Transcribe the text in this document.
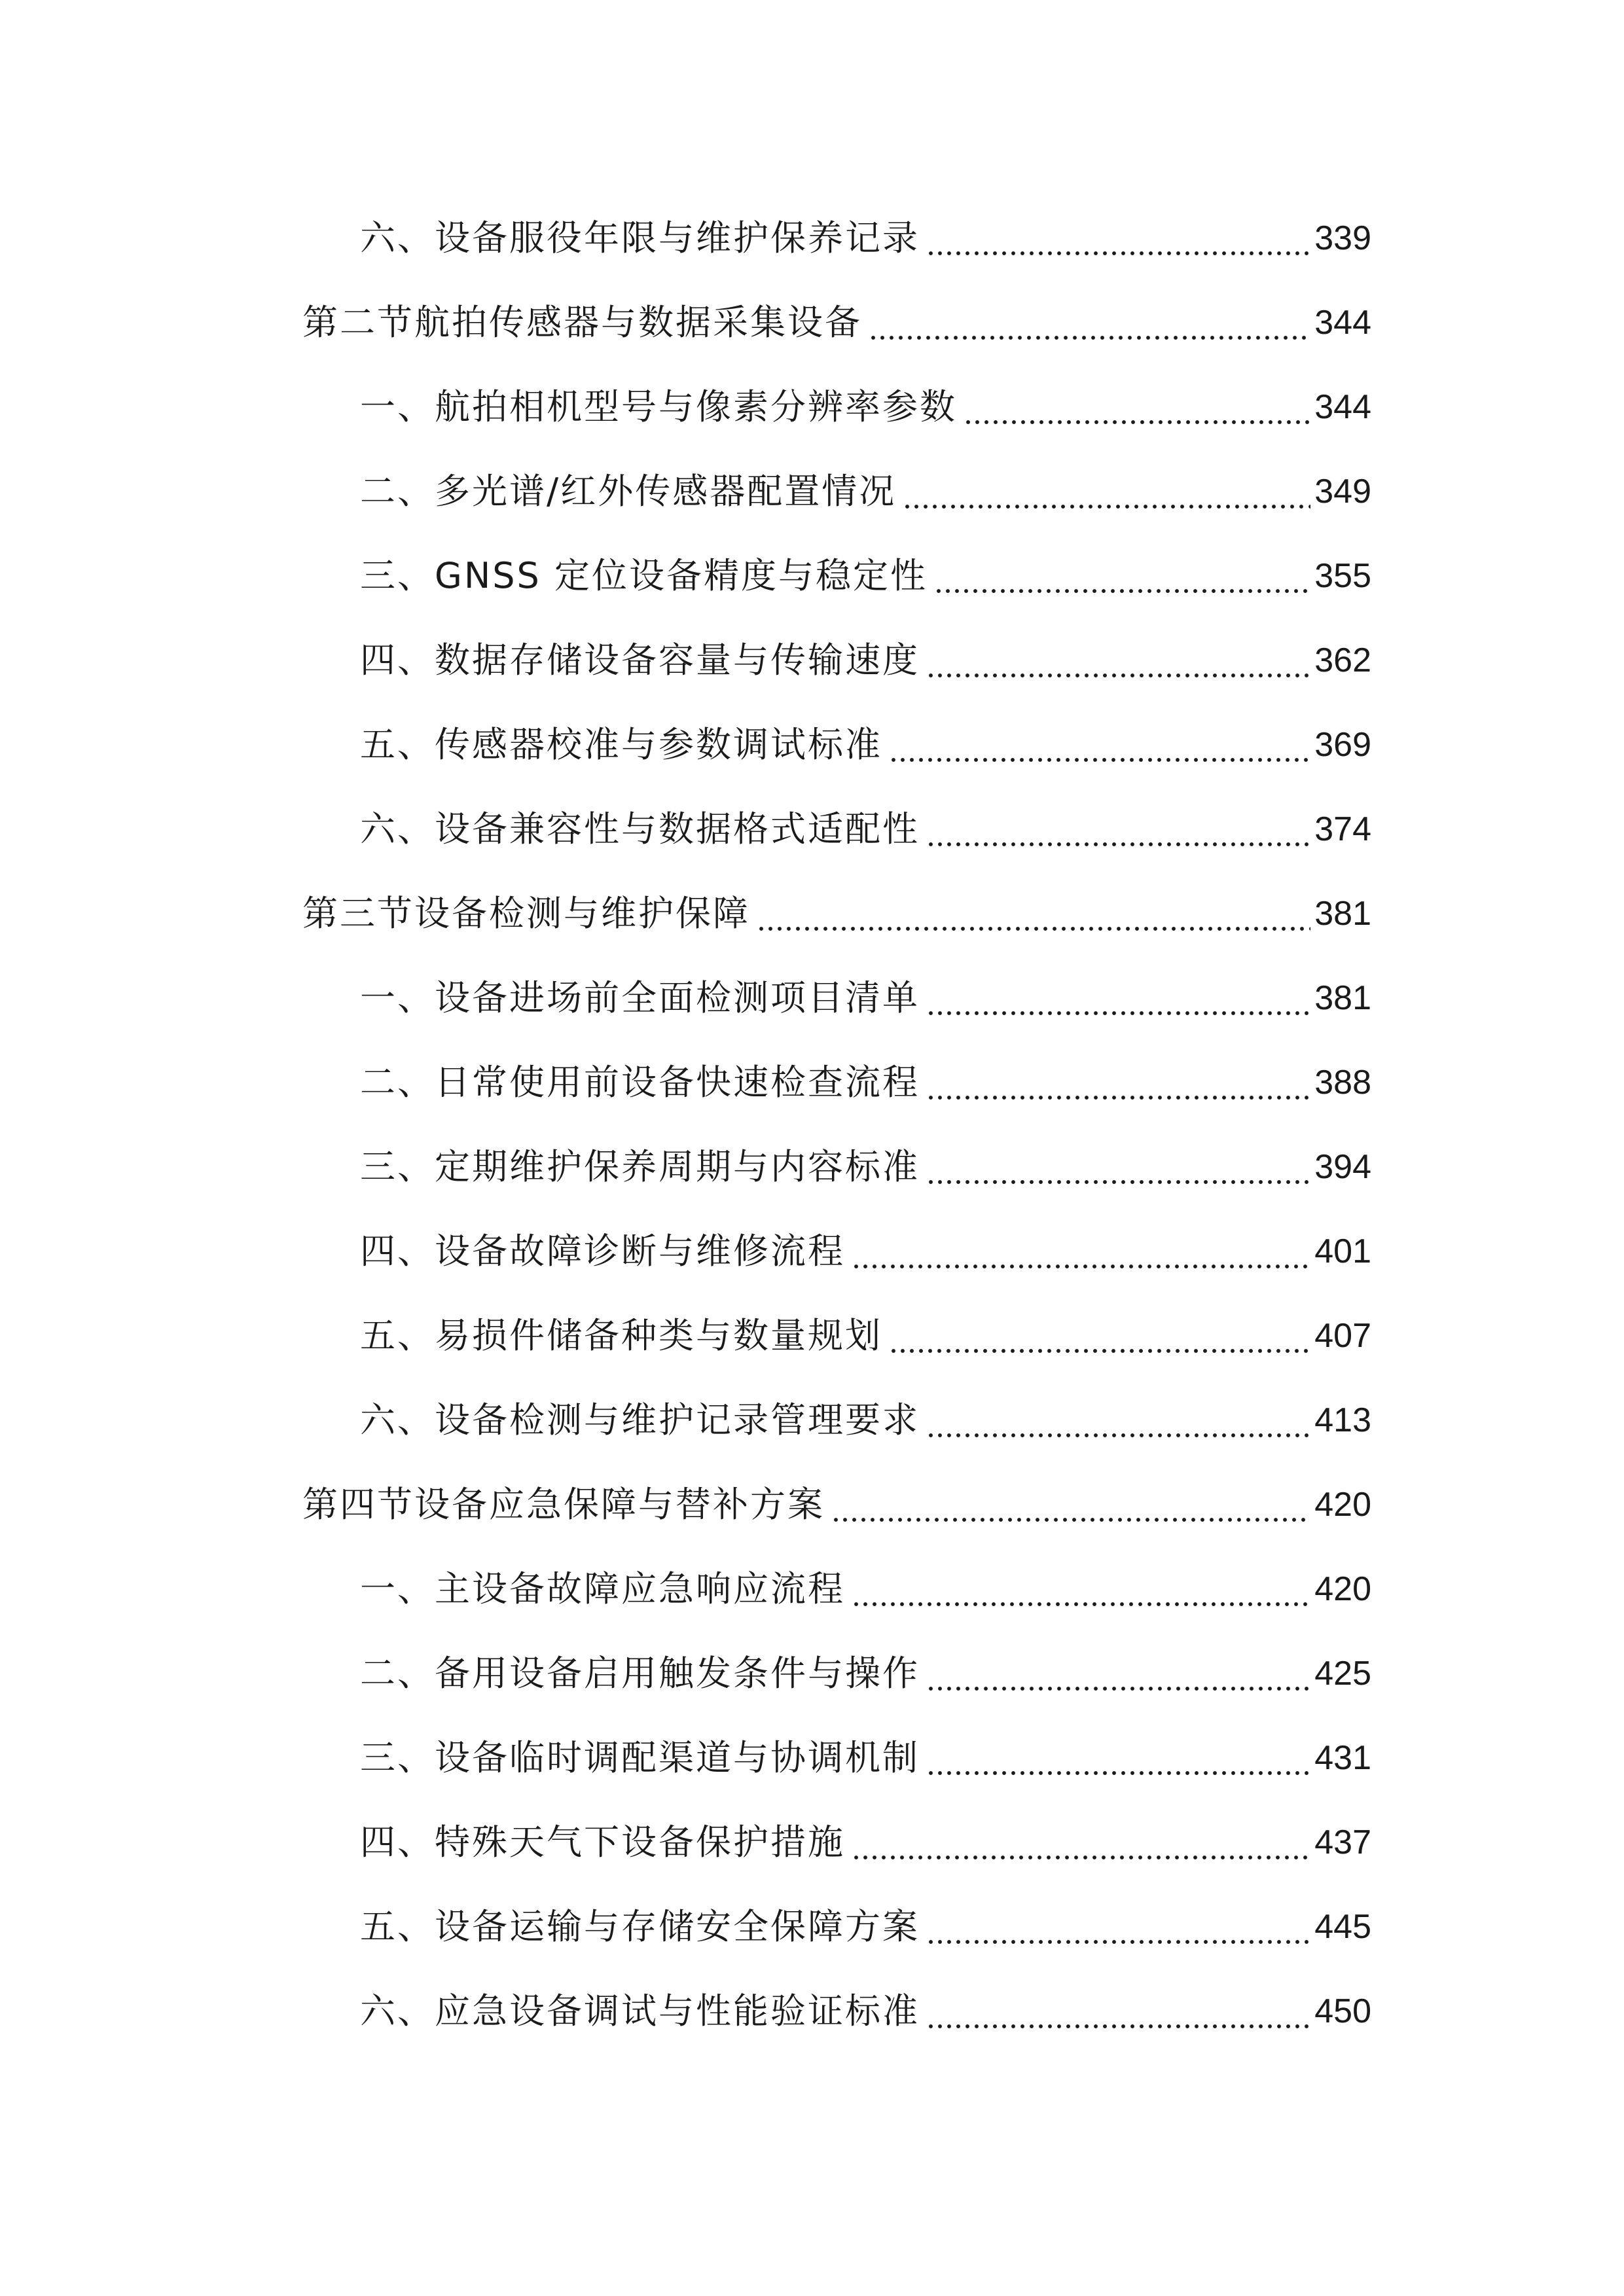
六、设备服役年限与维护保养记录	339
第二节航拍传感器与数据采集设备	344
一、航拍相机型号与像素分辨率参数	344
二、多光谱/红外传感器配置情况	349
三、GNSS 定位设备精度与稳定性	355
四、数据存储设备容量与传输速度	362
五、传感器校准与参数调试标准	369
六、设备兼容性与数据格式适配性	374
第三节设备检测与维护保障	381
一、设备进场前全面检测项目清单	381
二、日常使用前设备快速检查流程	388
三、定期维护保养周期与内容标准	394
四、设备故障诊断与维修流程	401
五、易损件储备种类与数量规划	407
六、设备检测与维护记录管理要求	413
第四节设备应急保障与替补方案	420
一、主设备故障应急响应流程	420
二、备用设备启用触发条件与操作	425
三、设备临时调配渠道与协调机制	431
四、特殊天气下设备保护措施	437
五、设备运输与存储安全保障方案	445
六、应急设备调试与性能验证标准	450
